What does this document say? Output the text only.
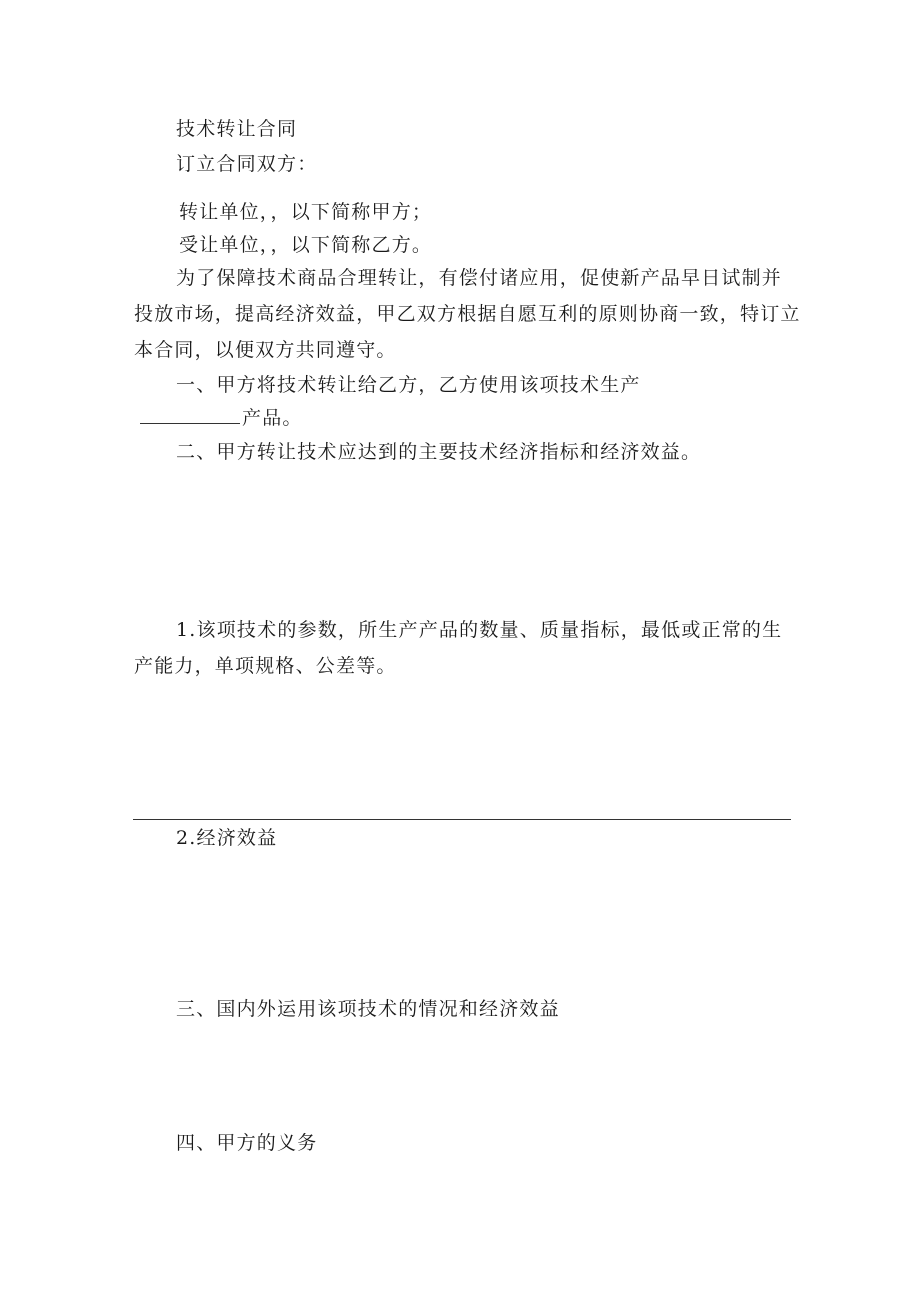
技术转让合同
订立合同双方：
转让单位，，以下简称甲方；
受让单位，，以下简称乙方。
为了保障技术商品合理转让，有偿付诸应用，促使新产品早日试制并
投放市场，提高经济效益，甲乙双方根据自愿互利的原则协商一致，特订立
本合同，以便双方共同遵守。
一、甲方将技术转让给乙方，乙方使用该项技术生产
产品。
二、甲方转让技术应达到的主要技术经济指标和经济效益。
1.该项技术的参数，所生产产品的数量、质量指标，最低或正常的生
产能力，单项规格、公差等。
2.经济效益
三、国内外运用该项技术的情况和经济效益
四、甲方的义务
